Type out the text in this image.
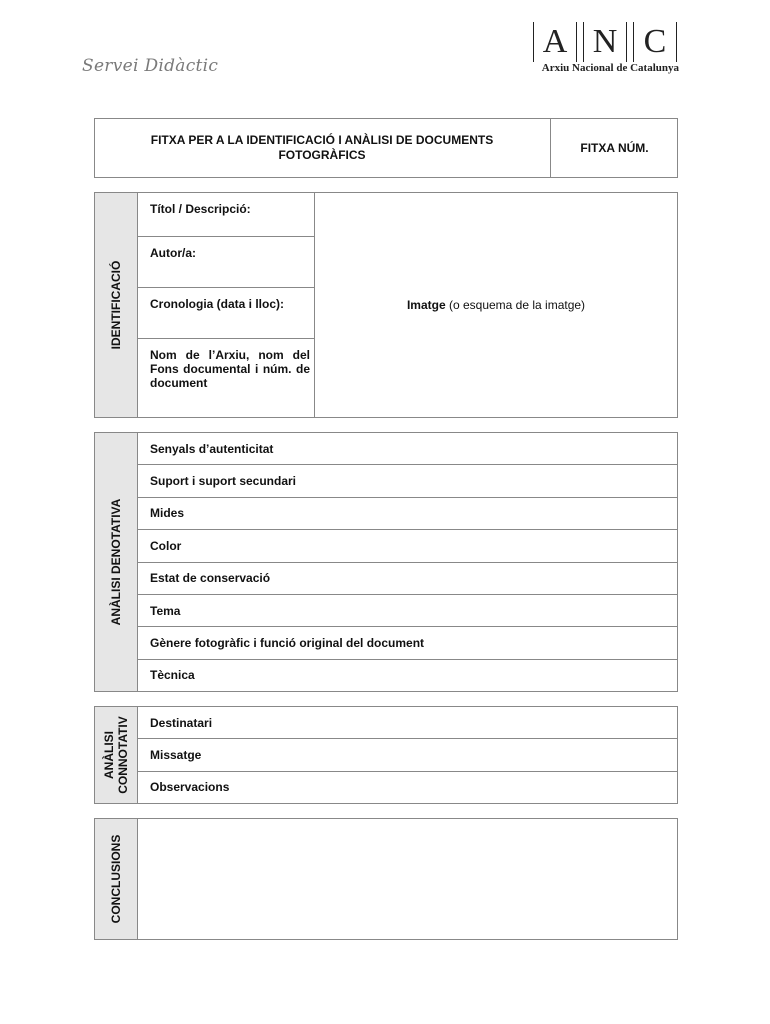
Servei Didàctic
A N C
Arxiu Nacional de Catalunya
FITXA PER A LA IDENTIFICACIÓ I ANÀLISI DE DOCUMENTS FOTOGRÀFICS	FITXA NÚM.
IDENTIFICACIÓ
Títol / Descripció:
Autor/a:
Cronologia (data i lloc):
Nom de l’Arxiu, nom del Fons documental i núm. de document
Imatge (o esquema de la imatge)
ANÀLISI DENOTATIVA
Senyals d’autenticitat
Suport i suport secundari
Mides
Color
Estat de conservació
Tema
Gènere fotogràfic i funció original del document
Tècnica
ANÀLISI CONNOTATIV	Destinatari
Missatge
Observacions
CONCLUSIONS
